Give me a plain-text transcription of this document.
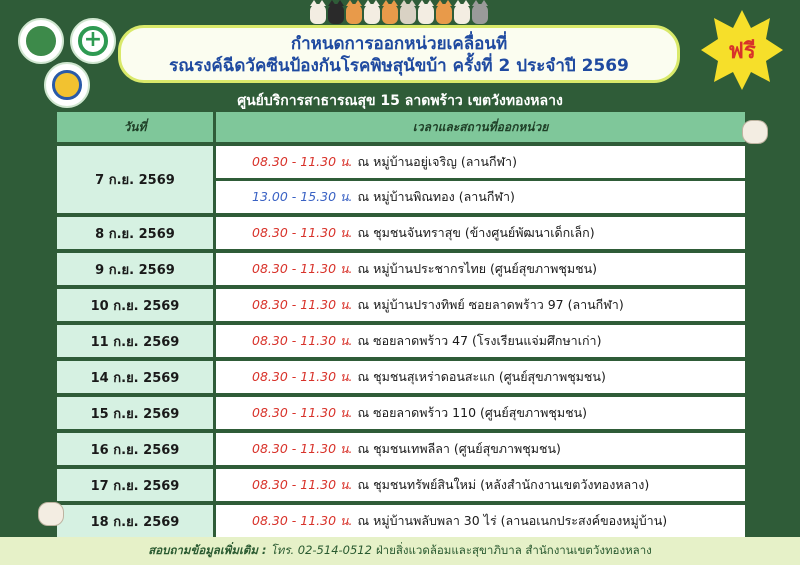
+
กำหนดการออกหน่วยเคลื่อนที่
รณรงค์ฉีดวัคซีนป้องกันโรคพิษสุนัขบ้า ครั้งที่ 2 ประจำปี 2569
ฟรี
ศูนย์บริการสาธารณสุข 15 ลาดพร้าว เขตวังทองหลาง
วันที่	เวลาและสถานที่ออกหน่วย
7 ก.ย. 2569
08.30 - 11.30 น. ณ หมู่บ้านอยู่เจริญ (ลานกีฬา)
13.00 - 15.30 น. ณ หมู่บ้านพิณทอง (ลานกีฬา)
8 ก.ย. 2569	08.30 - 11.30 น. ณ ชุมชนจันทราสุข (ข้างศูนย์พัฒนาเด็กเล็ก)
9 ก.ย. 2569	08.30 - 11.30 น. ณ หมู่บ้านประชากรไทย (ศูนย์สุขภาพชุมชน)
10 ก.ย. 2569	08.30 - 11.30 น. ณ หมู่บ้านปรางทิพย์ ซอยลาดพร้าว 97 (ลานกีฬา)
11 ก.ย. 2569	08.30 - 11.30 น. ณ ซอยลาดพร้าว 47 (โรงเรียนแจ่มศึกษาเก่า)
14 ก.ย. 2569	08.30 - 11.30 น. ณ ชุมชนสุเหร่าดอนสะแก (ศูนย์สุขภาพชุมชน)
15 ก.ย. 2569	08.30 - 11.30 น. ณ ซอยลาดพร้าว 110 (ศูนย์สุขภาพชุมชน)
16 ก.ย. 2569	08.30 - 11.30 น. ณ ชุมชนเทพลีลา (ศูนย์สุขภาพชุมชน)
17 ก.ย. 2569	08.30 - 11.30 น. ณ ชุมชนทรัพย์สินใหม่ (หลังสำนักงานเขตวังทองหลาง)
18 ก.ย. 2569	08.30 - 11.30 น. ณ หมู่บ้านพลับพลา 30 ไร่ (ลานอเนกประสงค์ของหมู่บ้าน)
สอบถามข้อมูลเพิ่มเติม : โทร. 02-514-0512 ฝ่ายสิ่งแวดล้อมและสุขาภิบาล สำนักงานเขตวังทองหลาง
